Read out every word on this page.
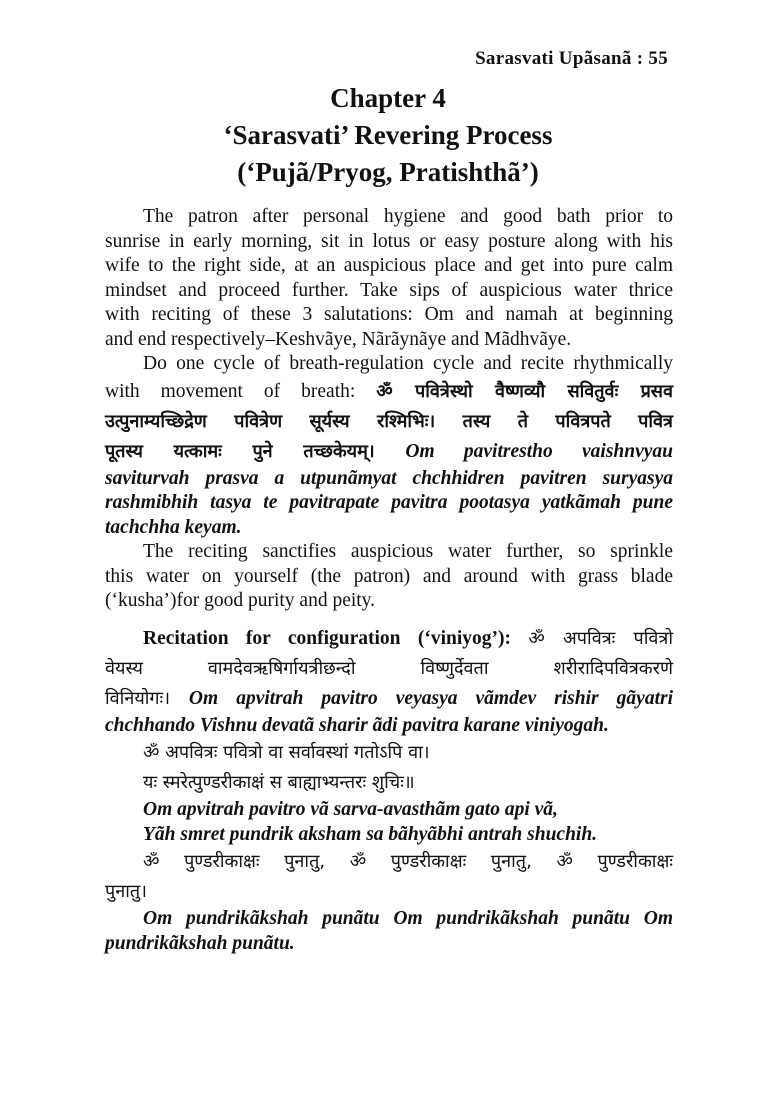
Sarasvati Upãsanã : 55
Chapter 4
‘Sarasvati’ Revering Process
(‘Pujã/Pryog, Pratishthã’)
The patron after personal hygiene and good bath prior to
sunrise in early morning, sit in lotus or easy posture along with his
wife to the right side, at an auspicious place and get into pure calm
mindset and proceed further. Take sips of auspicious water thrice
with reciting of these 3 salutations: Om and namah at beginning
and end respectively–Keshvãye, Nãrãynãye and Mãdhvãye.
Do one cycle of breath-regulation cycle and recite rhythmically
with movement of breath: ॐ पवित्रेस्थो वैष्णव्यौ सवितुर्वः प्रसव
उत्पुनाम्यच्छिद्रेण पवित्रेण सूर्यस्य रश्मिभिः। तस्य ते पवित्रपते पवित्र
पूतस्य यत्कामः पुने तच्छकेयम्। Om pavitrestho vaishnvyau
saviturvah prasva a utpunãmyat chchhidren pavitren suryasya
rashmibhih tasya te pavitrapate pavitra pootasya yatkãmah pune
tachchha keyam.
The reciting sanctifies auspicious water further, so sprinkle
this water on yourself (the patron) and around with grass blade
(‘kusha’)for good purity and peity.
Recitation for configuration (‘viniyog’): ॐ अपवित्रः पवित्रो
वेयस्य वामदेवऋषिर्गायत्रीछन्दो विष्णुर्देवता शरीरादिपवित्रकरणे
विनियोगः। Om apvitrah pavitro veyasya vãmdev rishir gãyatri
chchhando Vishnu devatã sharir ãdi pavitra karane viniyogah.
ॐ अपवित्रः पवित्रो वा सर्वावस्थां गतोऽपि वा।
यः स्मरेत्पुण्डरीकाक्षं स बाह्याभ्यन्तरः शुचिः॥
Om apvitrah pavitro vã sarva-avasthãm gato api vã,
Yãh smret pundrik aksham sa bãhyãbhi antrah shuchih.
ॐ पुण्डरीकाक्षः पुनातु, ॐ पुण्डरीकाक्षः पुनातु, ॐ पुण्डरीकाक्षः
पुनातु।
Om pundrikãkshah punãtu Om pundrikãkshah punãtu Om
pundrikãkshah punãtu.
